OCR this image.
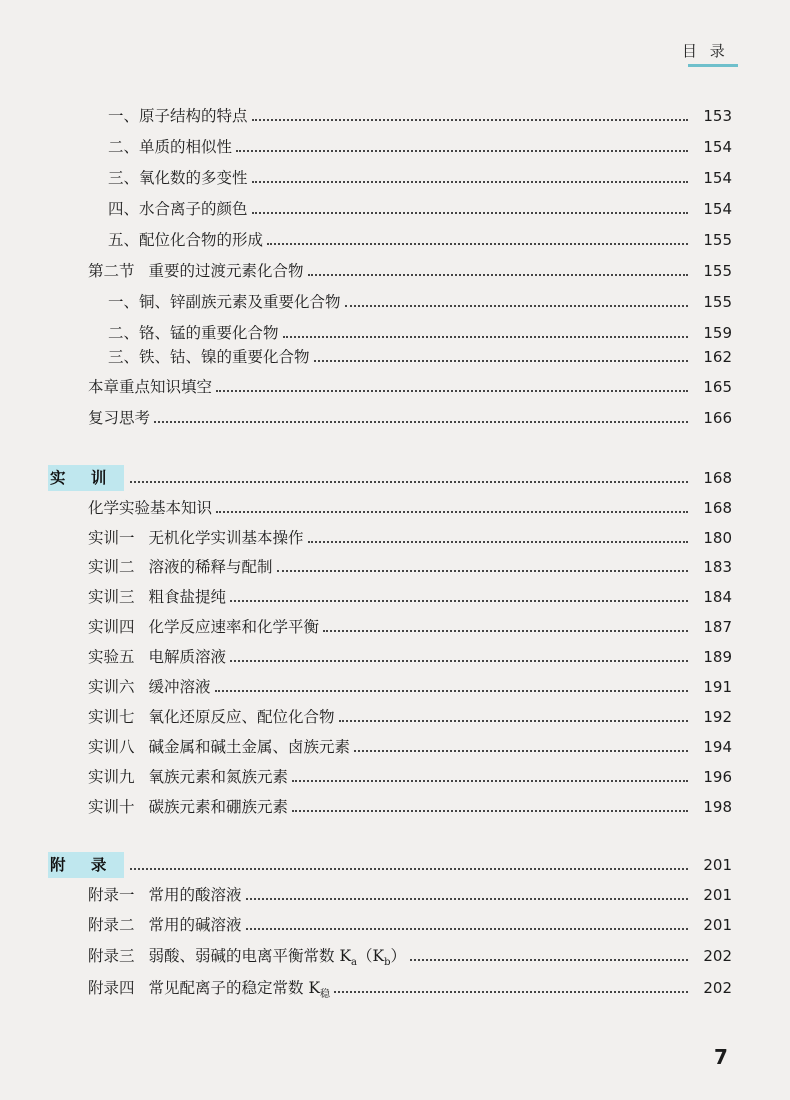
目 录
一、原子结构的特点	153
二、单质的相似性	154
三、氧化数的多变性	154
四、水合离子的颜色	154
五、配位化合物的形成	155
第二节 重要的过渡元素化合物	155
一、铜、锌副族元素及重要化合物	155
二、铬、锰的重要化合物	159
三、铁、钴、镍的重要化合物	162
本章重点知识填空	165
复习思考	166
实 训	168
化学实验基本知识	168
实训一 无机化学实训基本操作	180
实训二 溶液的稀释与配制	183
实训三 粗食盐提纯	184
实训四 化学反应速率和化学平衡	187
实验五 电解质溶液	189
实训六 缓冲溶液	191
实训七 氧化还原反应、配位化合物	192
实训八 碱金属和碱土金属、卤族元素	194
实训九 氧族元素和氮族元素	196
实训十 碳族元素和硼族元素	198
附 录	201
附录一 常用的酸溶液	201
附录二 常用的碱溶液	201
附录三 弱酸、弱碱的电离平衡常数 $K_a(K_b)$	202
附录四 常见配离子的稳定常数 $K_稳$	202
7
